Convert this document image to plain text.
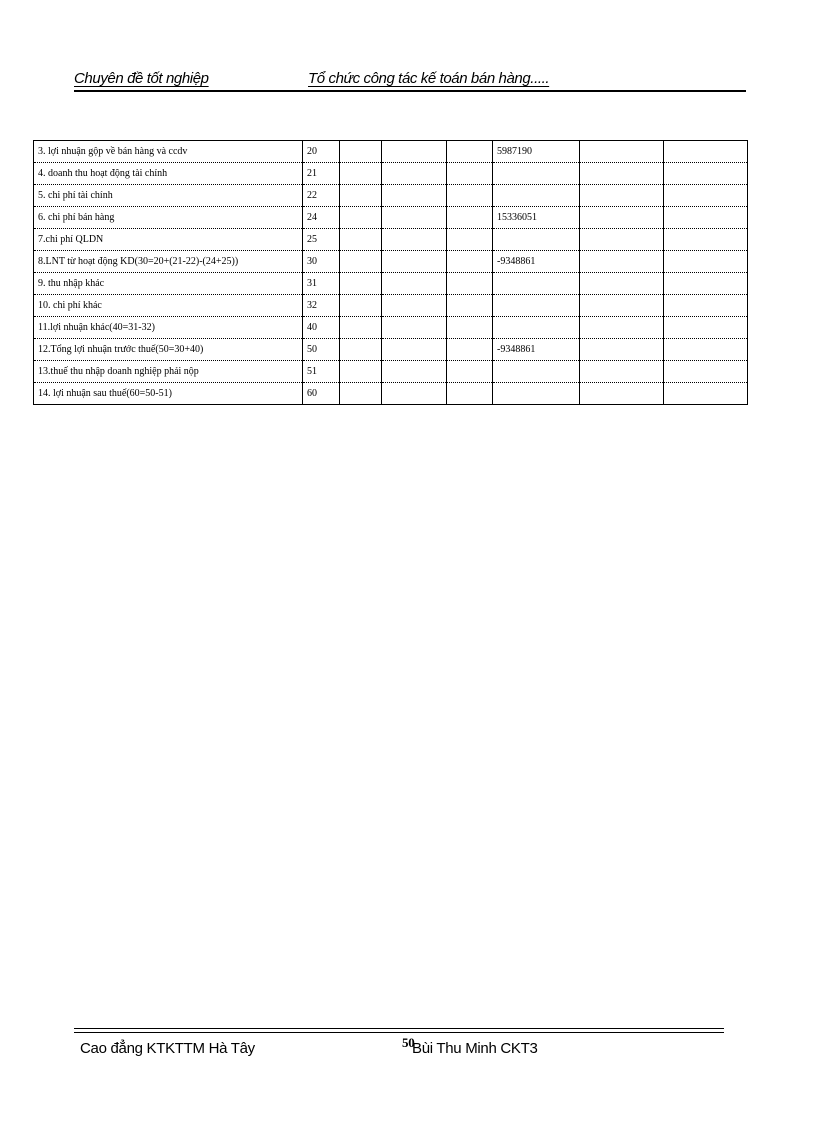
Chuyên đề tốt nghiệp	Tổ chức công tác kế toán bán hàng.....
3. lợi nhuận gộp về bán hàng và ccdv	20				5987190		
4. doanh thu hoạt động tài chính	21						
5. chi phí tài chính	22						
6. chi phí bán hàng	24				15336051		
7.chi phí QLDN	25						
8.LNT từ hoạt động KD(30=20+(21-22)-(24+25))	30				-9348861		
9. thu nhập khác	31						
10. chi phí khác	32						
11.lợi nhuận khác(40=31-32)	40						
12.Tổng lợi nhuận trước thuế(50=30+40)	50				-9348861		
13.thuế thu nhập doanh nghiệp phải nộp	51						
14. lợi nhuận sau thuế(60=50-51)	60						
Cao đẳng KTKTTM Hà Tây	50
Bùi Thu Minh CKT3
